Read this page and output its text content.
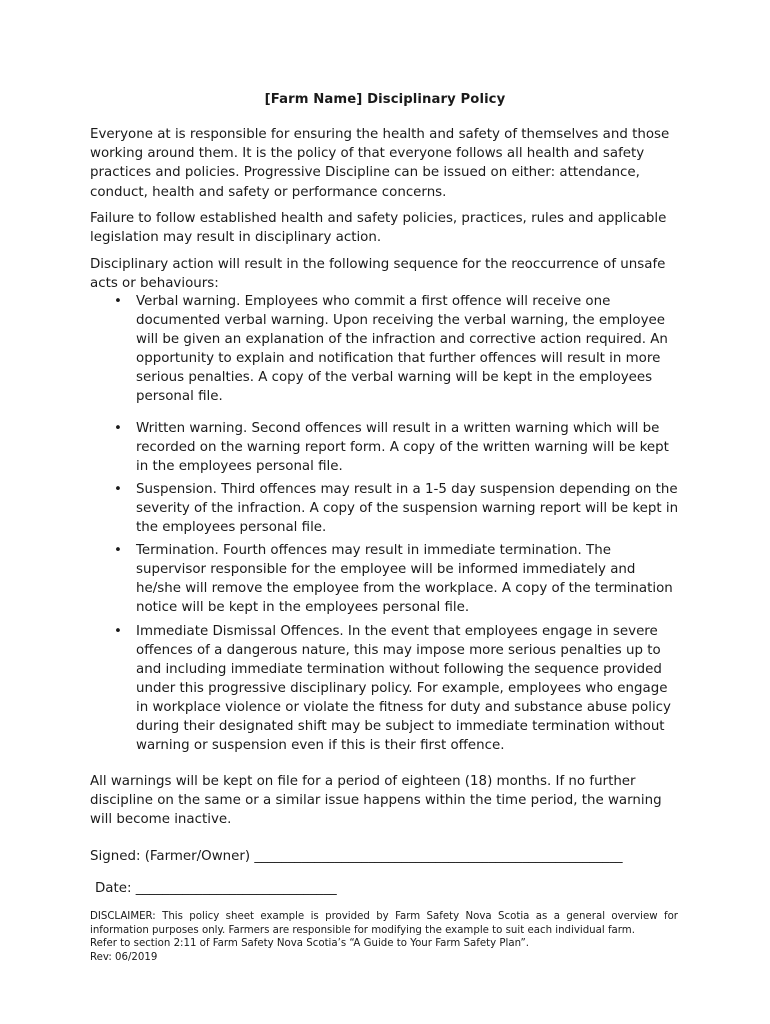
[Farm Name] Disciplinary Policy

Everyone at is responsible for ensuring the health and safety of themselves and those working around them. It is the policy of that everyone follows all health and safety practices and policies. Progressive Discipline can be issued on either: attendance, conduct, health and safety or performance concerns.

Failure to follow established health and safety policies, practices, rules and applicable legislation may result in disciplinary action.

Disciplinary action will result in the following sequence for the reoccurrence of unsafe acts or behaviours:

• Verbal warning. Employees who commit a first offence will receive one documented verbal warning. Upon receiving the verbal warning, the employee will be given an explanation of the infraction and corrective action required. An opportunity to explain and notification that further offences will result in more serious penalties. A copy of the verbal warning will be kept in the employees personal file.
• Written warning. Second offences will result in a written warning which will be recorded on the warning report form. A copy of the written warning will be kept in the employees personal file.
• Suspension. Third offences may result in a 1-5 day suspension depending on the severity of the infraction. A copy of the suspension warning report will be kept in the employees personal file.
• Termination. Fourth offences may result in immediate termination. The supervisor responsible for the employee will be informed immediately and he/she will remove the employee from the workplace. A copy of the termination notice will be kept in the employees personal file.
• Immediate Dismissal Offences. In the event that employees engage in severe offences of a dangerous nature, this may impose more serious penalties up to and including immediate termination without following the sequence provided under this progressive disciplinary policy. For example, employees who engage in workplace violence or violate the fitness for duty and substance abuse policy during their designated shift may be subject to immediate termination without warning or suspension even if this is their first offence.

All warnings will be kept on file for a period of eighteen (18) months. If no further discipline on the same or a similar issue happens within the time period, the warning will become inactive.

Signed: (Farmer/Owner) _______________________________________________________
Date: ______________________________
DISCLAIMER: This policy sheet example is provided by Farm Safety Nova Scotia as a general overview for information purposes only. Farmers are responsible for modifying the example to suit each individual farm.
Refer to section 2:11 of Farm Safety Nova Scotia’s “A Guide to Your Farm Safety Plan”.
Rev: 06/2019
